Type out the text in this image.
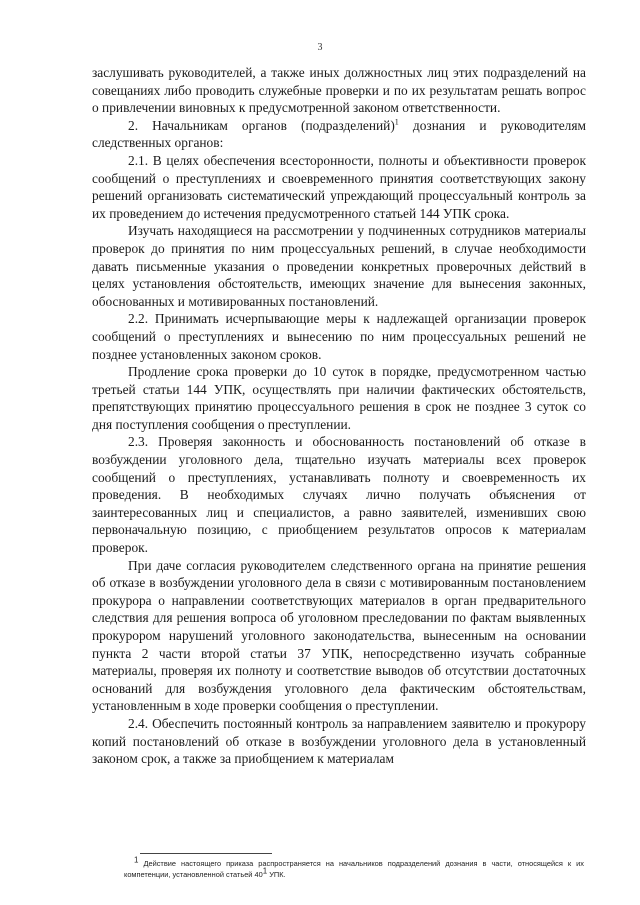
3

заслушивать руководителей, а также иных должностных лиц этих подразделений на совещаниях либо проводить служебные проверки и по их результатам решать вопрос о привлечении виновных к предусмотренной законом ответственности.

2. Начальникам органов (подразделений)$^1$ дознания и руководителям следственных органов:

2.1. В целях обеспечения всесторонности, полноты и объективности проверок сообщений о преступлениях и своевременного принятия соответствующих закону решений организовать систематический упреждающий процессуальный контроль за их проведением до истечения предусмотренного статьей 144 УПК срока.

Изучать находящиеся на рассмотрении у подчиненных сотрудников материалы проверок до принятия по ним процессуальных решений, в случае необходимости давать письменные указания о проведении конкретных проверочных действий в целях установления обстоятельств, имеющих значение для вынесения законных, обоснованных и мотивированных постановлений.

2.2. Принимать исчерпывающие меры к надлежащей организации проверок сообщений о преступлениях и вынесению по ним процессуальных решений не позднее установленных законом сроков.

Продление срока проверки до 10 суток в порядке, предусмотренном частью третьей статьи 144 УПК, осуществлять при наличии фактических обстоятельств, препятствующих принятию процессуального решения в срок не позднее 3 суток со дня поступления сообщения о преступлении.

2.3. Проверяя законность и обоснованность постановлений об отказе в возбуждении уголовного дела, тщательно изучать материалы всех проверок сообщений о преступлениях, устанавливать полноту и своевременность их проведения. В необходимых случаях лично получать объяснения от заинтересованных лиц и специалистов, а равно заявителей, изменивших свою первоначальную позицию, с приобщением результатов опросов к материалам проверок.

При даче согласия руководителем следственного органа на принятие решения об отказе в возбуждении уголовного дела в связи с мотивированным постановлением прокурора о направлении соответствующих материалов в орган предварительного следствия для решения вопроса об уголовном преследовании по фактам выявленных прокурором нарушений уголовного законодательства, вынесенным на основании пункта 2 части второй статьи 37 УПК, непосредственно изучать собранные материалы, проверяя их полноту и соответствие выводов об отсутствии достаточных оснований для возбуждения уголовного дела фактическим обстоятельствам, установленным в ходе проверки сообщения о преступлении.

2.4. Обеспечить постоянный контроль за направлением заявителю и прокурору копий постановлений об отказе в возбуждении уголовного дела в установленный законом срок, а также за приобщением к материалам

$^1$ Действие настоящего приказа распространяется на начальников подразделений дознания в части, относящейся к их компетенции, установленной статьей $40^1$ УПК.
